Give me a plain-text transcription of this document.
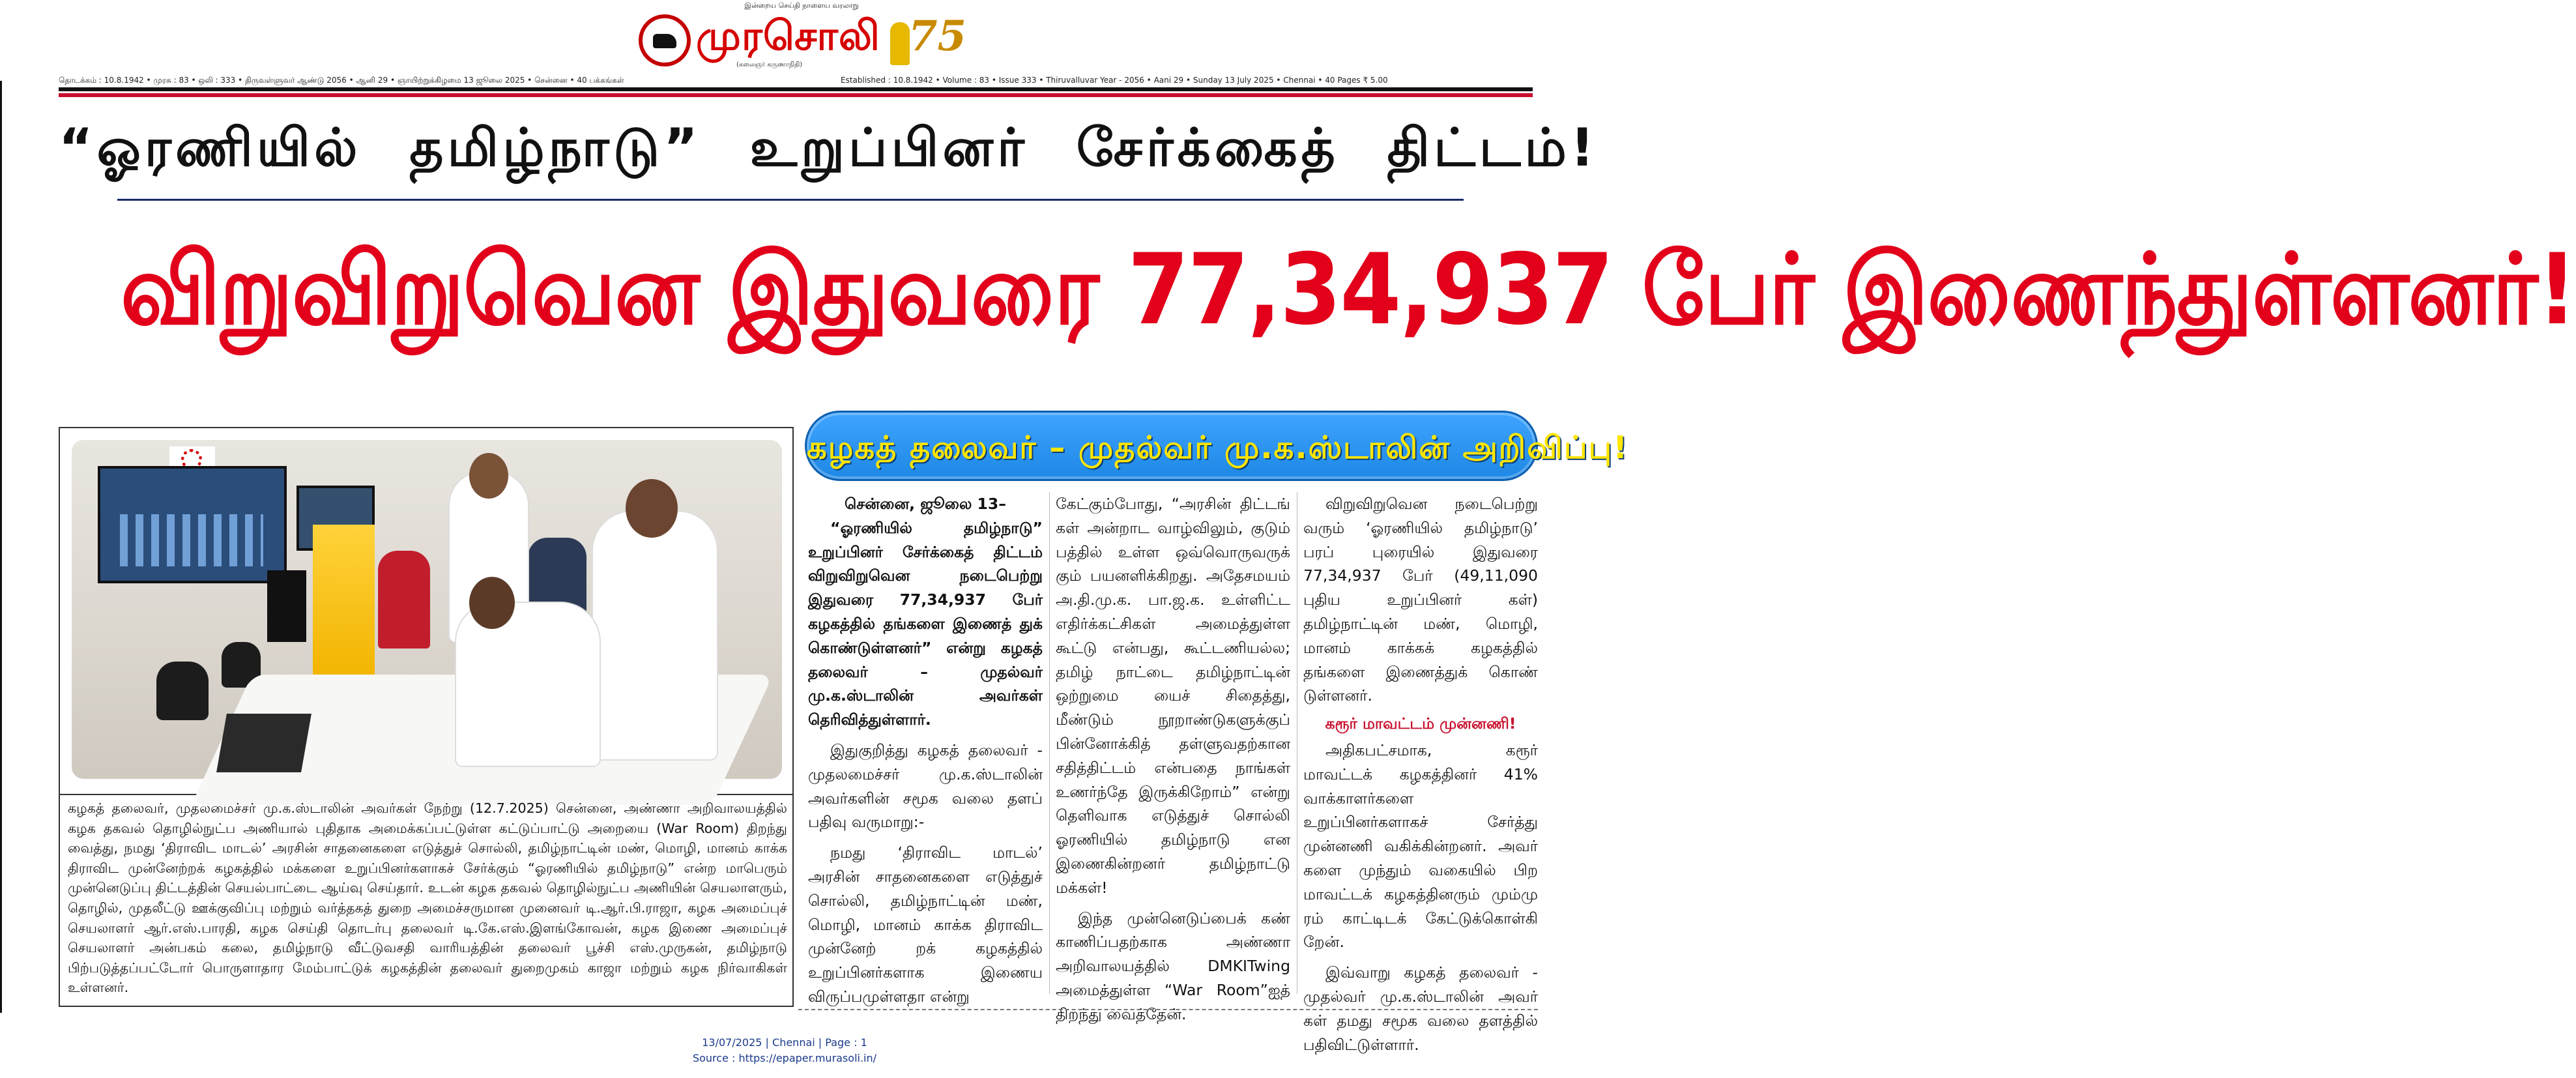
இன்றைய செய்தி நாளைய வரலாறு
முரசொலி
(கலைஞர் கருணாநிதி)
75
தொடக்கம் : 10.8.1942 • முரசு : 83 • ஒலி : 333 • திருவள்ளுவர் ஆண்டு 2056 • ஆனி 29 • ஞாயிற்றுக்கிழமை 13 ஜூலை 2025 • சென்னை • 40 பக்கங்கள்	Established : 10.8.1942 • Volume : 83 • Issue 333 • Thiruvalluvar Year - 2056 • Aani 29 • Sunday 13 July 2025 • Chennai • 40 Pages ₹ 5.00
“ஓரணியில் தமிழ்நாடு” உறுப்பினர் சேர்க்கைத் திட்டம்!
விறுவிறுவென இதுவரை 77,34,937 பேர் இணைந்துள்ளனர்!
கழகத் தலைவர், முதலமைச்சர் மு.க.ஸ்டாலின் அவர்கள் நேற்று (12.7.2025) சென்னை, அண்ணா அறிவாலயத்தில் கழக தகவல் தொழில்நுட்ப அணியால் புதிதாக அமைக்கப்பட்டுள்ள கட்டுப்பாட்டு அறையை (War Room) திறந்து வைத்து, நமது ‘திராவிட மாடல்’ அரசின் சாதனைகளை எடுத்துச் சொல்லி, தமிழ்நாட்டின் மண், மொழி, மானம் காக்க திராவிட முன்னேற்றக் கழகத்தில் மக்களை உறுப்பினர்களாகச் சேர்க்கும் “ஓரணியில் தமிழ்நாடு” என்ற மாபெரும் முன்னெடுப்பு திட்டத்தின் செயல்பாட்டை ஆய்வு செய்தார். உடன் கழக தகவல் தொழில்நுட்ப அணியின் செயலாளரும், தொழில், முதலீட்டு ஊக்குவிப்பு மற்றும் வர்த்தகத் துறை அமைச்சருமான முனைவர் டி.ஆர்.பி.ராஜா, கழக அமைப்புச் செயலாளர் ஆர்.எஸ்.பாரதி, கழக செய்தி தொடர்பு தலைவர் டி.கே.எஸ்.இளங்கோவன், கழக இணை அமைப்புச் செயலாளர் அன்பகம் கலை, தமிழ்நாடு வீட்டுவசதி வாரியத்தின் தலைவர் பூச்சி எஸ்.முருகன், தமிழ்நாடு பிற்படுத்தப்பட்டோர் பொருளாதார மேம்பாட்டுக் கழகத்தின் தலைவர் துறைமுகம் காஜா மற்றும் கழக நிர்வாகிகள் உள்ளனர்.
கழகத் தலைவர் – முதல்வர் மு.க.ஸ்டாலின் அறிவிப்பு!

சென்னை, ஜூலை 13–

“ஓரணியில் தமிழ்நாடு” உறுப்பினர் சேர்க்கைத் திட்டம் விறுவிறுவென நடைபெற்று இதுவரை 77,34,937 பேர் கழகத்தில் தங்களை இணைத் துக் கொண்டுள்ளனர்” என்று கழகத் தலைவர் – முதல்வர் மு.க.ஸ்டாலின் அவர்கள் தெரிவித்துள்ளார்.

இதுகுறித்து கழகத் தலைவர் - முதலமைச்சர் மு.க.ஸ்டாலின் அவர்களின் சமூக வலை தளப் பதிவு வருமாறு:-

நமது ‘திராவிட மாடல்’ அரசின் சாதனைகளை எடுத்துச் சொல்லி, தமிழ்நாட்டின் மண், மொழி, மானம் காக்க திராவிட முன்னேற் றக் கழகத்தில் உறுப்பினர்களாக இணைய விருப்பமுள்ளதா என்று

கேட்கும்போது, “அரசின் திட்டங் கள் அன்றாட வாழ்விலும், குடும் பத்தில் உள்ள ஒவ்வொருவருக் கும் பயனளிக்கிறது. அதேசமயம் அ.தி.மு.க. பா.ஜ.க. உள்ளிட்ட எதிர்க்கட்சிகள் அமைத்துள்ள கூட்டு என்பது, கூட்டணியல்ல; தமிழ் நாட்டை தமிழ்நாட்டின் ஒற்றுமை யைச் சிதைத்து, மீண்டும் நூறாண்டுகளுக்குப் பின்னோக்கித் தள்ளுவதற்கான சதித்திட்டம் என்பதை நாங்கள் உணர்ந்தே இருக்கிறோம்” என்று தெளிவாக எடுத்துச் சொல்லி ஓரணியில் தமிழ்நாடு என இணைகின்றனர் தமிழ்நாட்டு மக்கள்!

இந்த முன்னெடுப்பைக் கண் காணிப்பதற்காக அண்ணா அறிவாலயத்தில் DMKITwing அமைத்துள்ள “War Room”ஐத் திறந்து வைத்தேன்.

விறுவிறுவென நடைபெற்று வரும் ‘ஓரணியில் தமிழ்நாடு’ பரப் புரையில் இதுவரை 77,34,937 பேர் (49,11,090 புதிய உறுப்பினர் கள்) தமிழ்நாட்டின் மண், மொழி, மானம் காக்கக் கழகத்தில் தங்களை இணைத்துக் கொண் டுள்ளனர்.

கரூர் மாவட்டம் முன்னணி!

அதிகபட்சமாக, கரூர் மாவட்டக் கழகத்தினர் 41% வாக்காளர்களை உறுப்பினர்களாகச் சேர்த்து முன்னணி வகிக்கின்றனர். அவர் களை முந்தும் வகையில் பிற மாவட்டக் கழகத்தினரும் மும்மு ரம் காட்டிடக் கேட்டுக்கொள்கி றேன்.

இவ்வாறு கழகத் தலைவர் - முதல்வர் மு.க.ஸ்டாலின் அவர் கள் தமது சமூக வலை தளத்தில் பதிவிட்டுள்ளார்.

13/07/2025 | Chennai | Page : 1
Source : https://epaper.murasoli.in/
